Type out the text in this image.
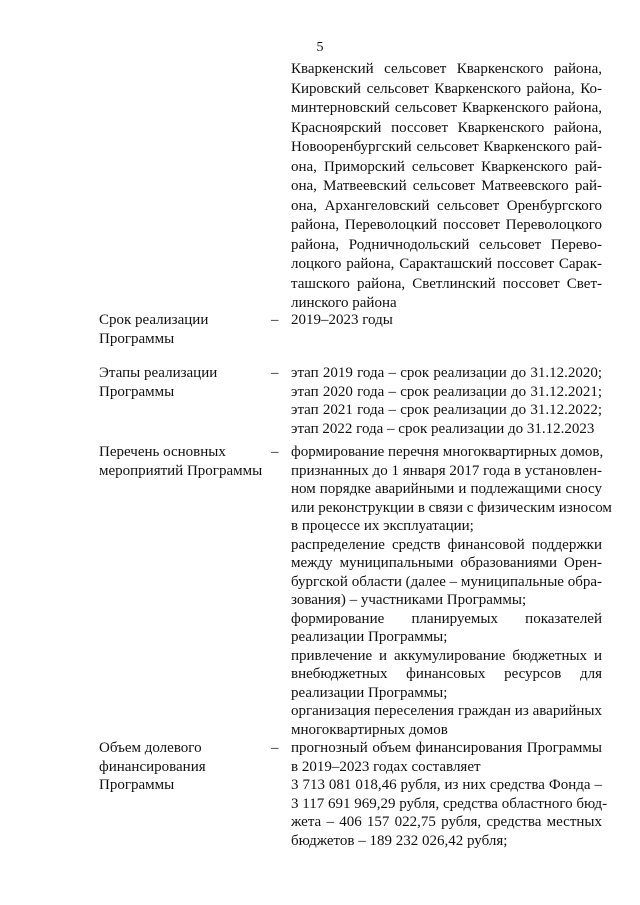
5
Кваркенский сельсовет Кваркенского района,
Кировский сельсовет Кваркенского района, Ко-
минтерновский сельсовет Кваркенского района,
Красноярский поссовет Кваркенского района,
Новооренбургский сельсовет Кваркенского рай-
она, Приморский сельсовет Кваркенского рай-
она, Матвеевский сельсовет Матвеевского рай-
она, Архангеловский сельсовет Оренбургского
района, Переволоцкий поссовет Переволоцкого
района, Родничнодольский сельсовет Перево-
лоцкого района, Саракташский поссовет Сарак-
ташского района, Светлинский поссовет Свет-
линского района
Срок реализации
Программы
– 2019–2023 годы
Этапы реализации
Программы
– этап 2019 года – срок реализации до 31.12.2020;
этап 2020 года – срок реализации до 31.12.2021;
этап 2021 года – срок реализации до 31.12.2022;
этап 2022 года – срок реализации до 31.12.2023
Перечень основных
мероприятий Программы
– формирование перечня многоквартирных домов,
признанных до 1 января 2017 года в установлен-
ном порядке аварийными и подлежащими сносу
или реконструкции в связи с физическим износом
в процессе их эксплуатации;
распределение средств финансовой поддержки
между муниципальными образованиями Орен-
бургской области (далее – муниципальные обра-
зования) – участниками Программы;
формирование планируемых показателей
реализации Программы;
привлечение и аккумулирование бюджетных и
внебюджетных финансовых ресурсов для
реализации Программы;
организация переселения граждан из аварийных
многоквартирных домов
Объем долевого
финансирования
Программы
– прогнозный объем финансирования Программы
в 2019–2023 годах составляет
3 713 081 018,46 рубля, из них средства Фонда –
3 117 691 969,29 рубля, средства областного бюд-
жета – 406 157 022,75 рубля, средства местных
бюджетов – 189 232 026,42 рубля;
